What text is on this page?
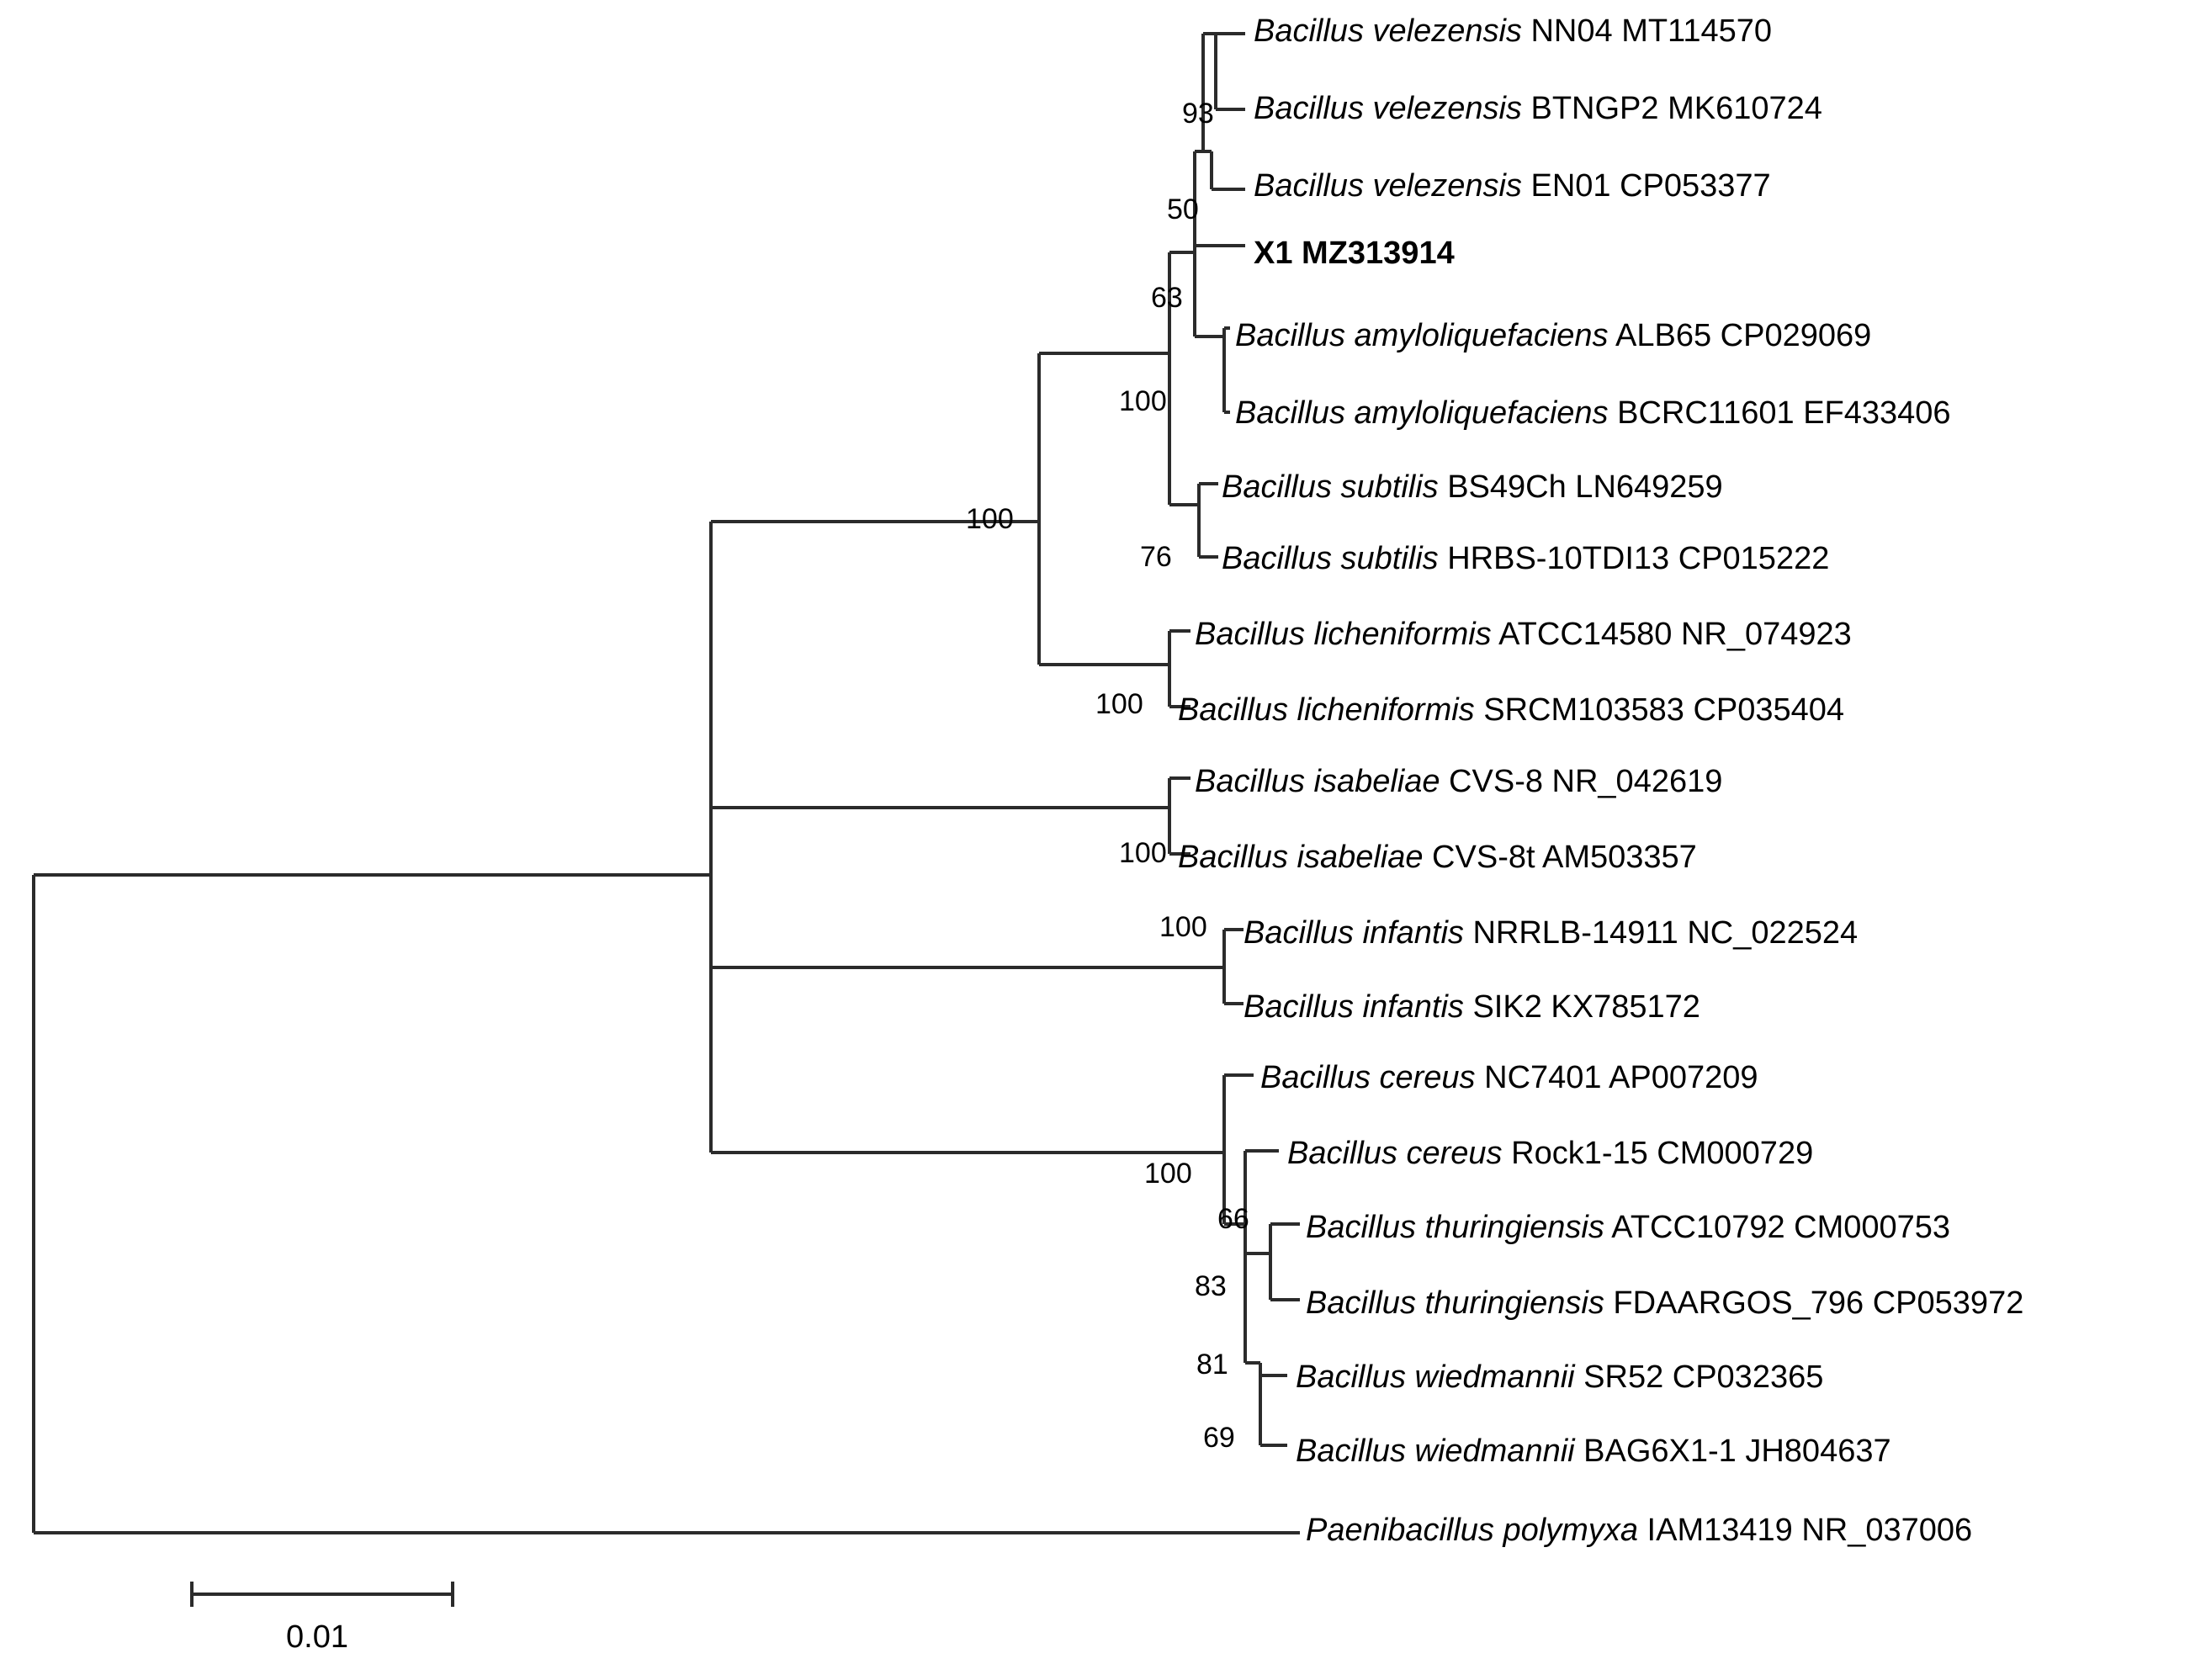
Bacillus velezensis NN04 MT114570
Bacillus velezensis BTNGP2 MK610724
Bacillus velezensis EN01 CP053377
X1 MZ313914
Bacillus amyloliquefaciens ALB65 CP029069
Bacillus amyloliquefaciens BCRC11601 EF433406
Bacillus subtilis BS49Ch LN649259
Bacillus subtilis HRBS-10TDI13 CP015222
Bacillus licheniformis ATCC14580 NR_074923
Bacillus licheniformis SRCM103583 CP035404
Bacillus isabeliae CVS-8 NR_042619
Bacillus isabeliae CVS-8t AM503357
Bacillus infantis NRRLB-14911 NC_022524
Bacillus infantis SIK2 KX785172
Bacillus cereus NC7401 AP007209
Bacillus cereus Rock1-15 CM000729
Bacillus thuringiensis ATCC10792 CM000753
Bacillus thuringiensis FDAARGOS_796 CP053972
Bacillus wiedmannii SR52 CP032365
Bacillus wiedmannii BAG6X1-1 JH804637
Paenibacillus polymyxa IAM13419 NR_037006
93
50
63
100
100
76
100
100
100
100
66
83
81
69
0.01
